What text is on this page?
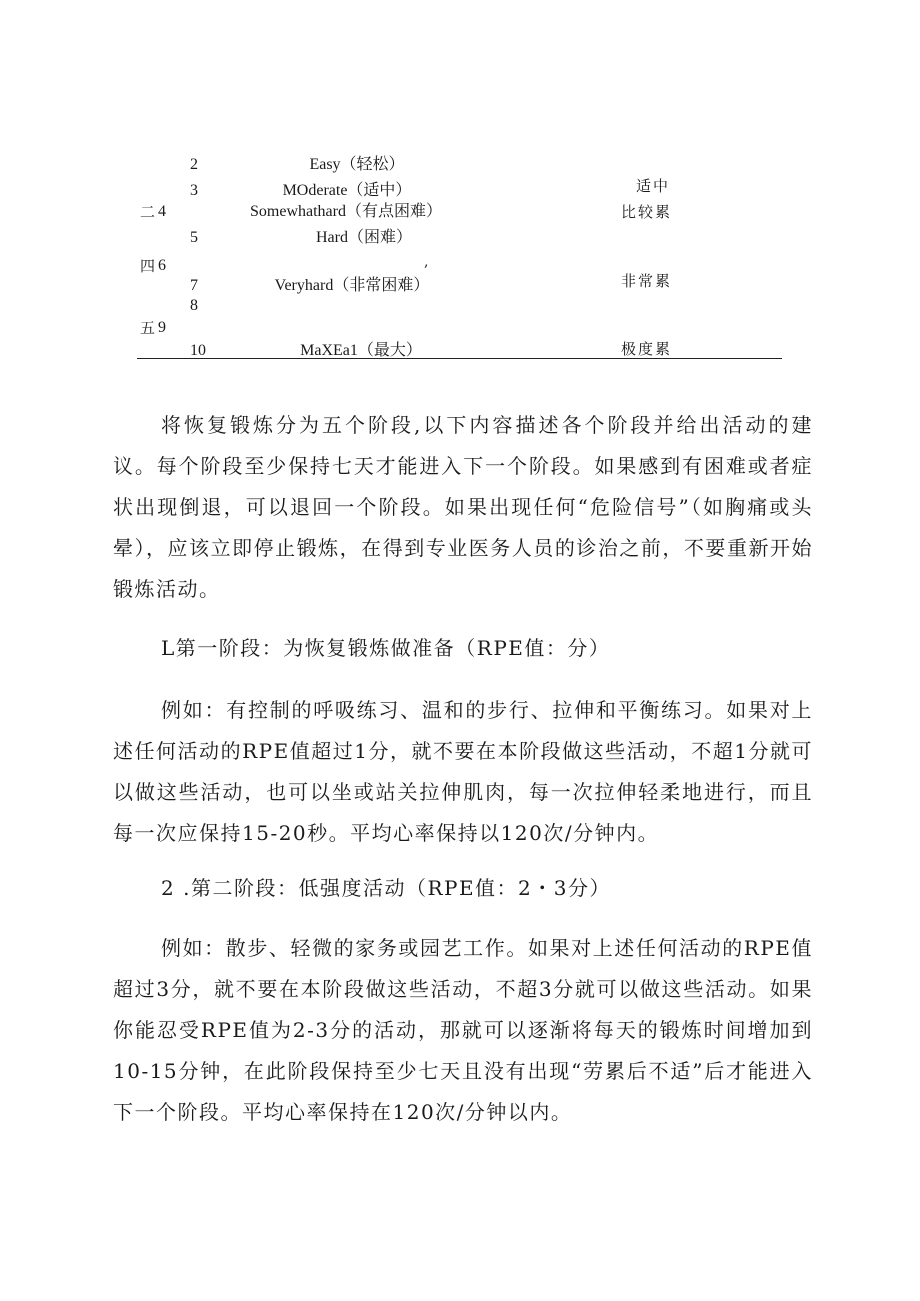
2	Easy（轻松）
3	MOderate（适中）	适中
二 4	Somewhathard（有点困难）	比较累
5	Hard（困难）
四 6	,
7	Veryhard（非常困难）	非常累
8
五 9
10	MaXEa1（最大）	极度累

将恢复锻炼分为五个阶段,以下内容描述各个阶段并给出活动的建议。每个阶段至少保持七天才能进入下一个阶段。如果感到有困难或者症状出现倒退，可以退回一个阶段。如果出现任何“危险信号”（如胸痛或头晕），应该立即停止锻炼，在得到专业医务人员的诊治之前，不要重新开始锻炼活动。

L第一阶段：为恢复锻炼做准备（RPE值：分）

例如：有控制的呼吸练习、温和的步行、拉伸和平衡练习。如果对上述任何活动的RPE值超过1分，就不要在本阶段做这些活动，不超1分就可以做这些活动，也可以坐或站关拉伸肌肉，每一次拉伸轻柔地进行，而且每一次应保持15-20秒。平均心率保持以120次/分钟内。

2 .第二阶段：低强度活动（RPE值：2・3分）

例如：散步、轻微的家务或园艺工作。如果对上述任何活动的RPE值超过3分，就不要在本阶段做这些活动，不超3分就可以做这些活动。如果你能忍受RPE值为2-3分的活动，那就可以逐渐将每天的锻炼时间增加到10-15分钟，在此阶段保持至少七天且没有出现“劳累后不适”后才能进入下一个阶段。平均心率保持在120次/分钟以内。
